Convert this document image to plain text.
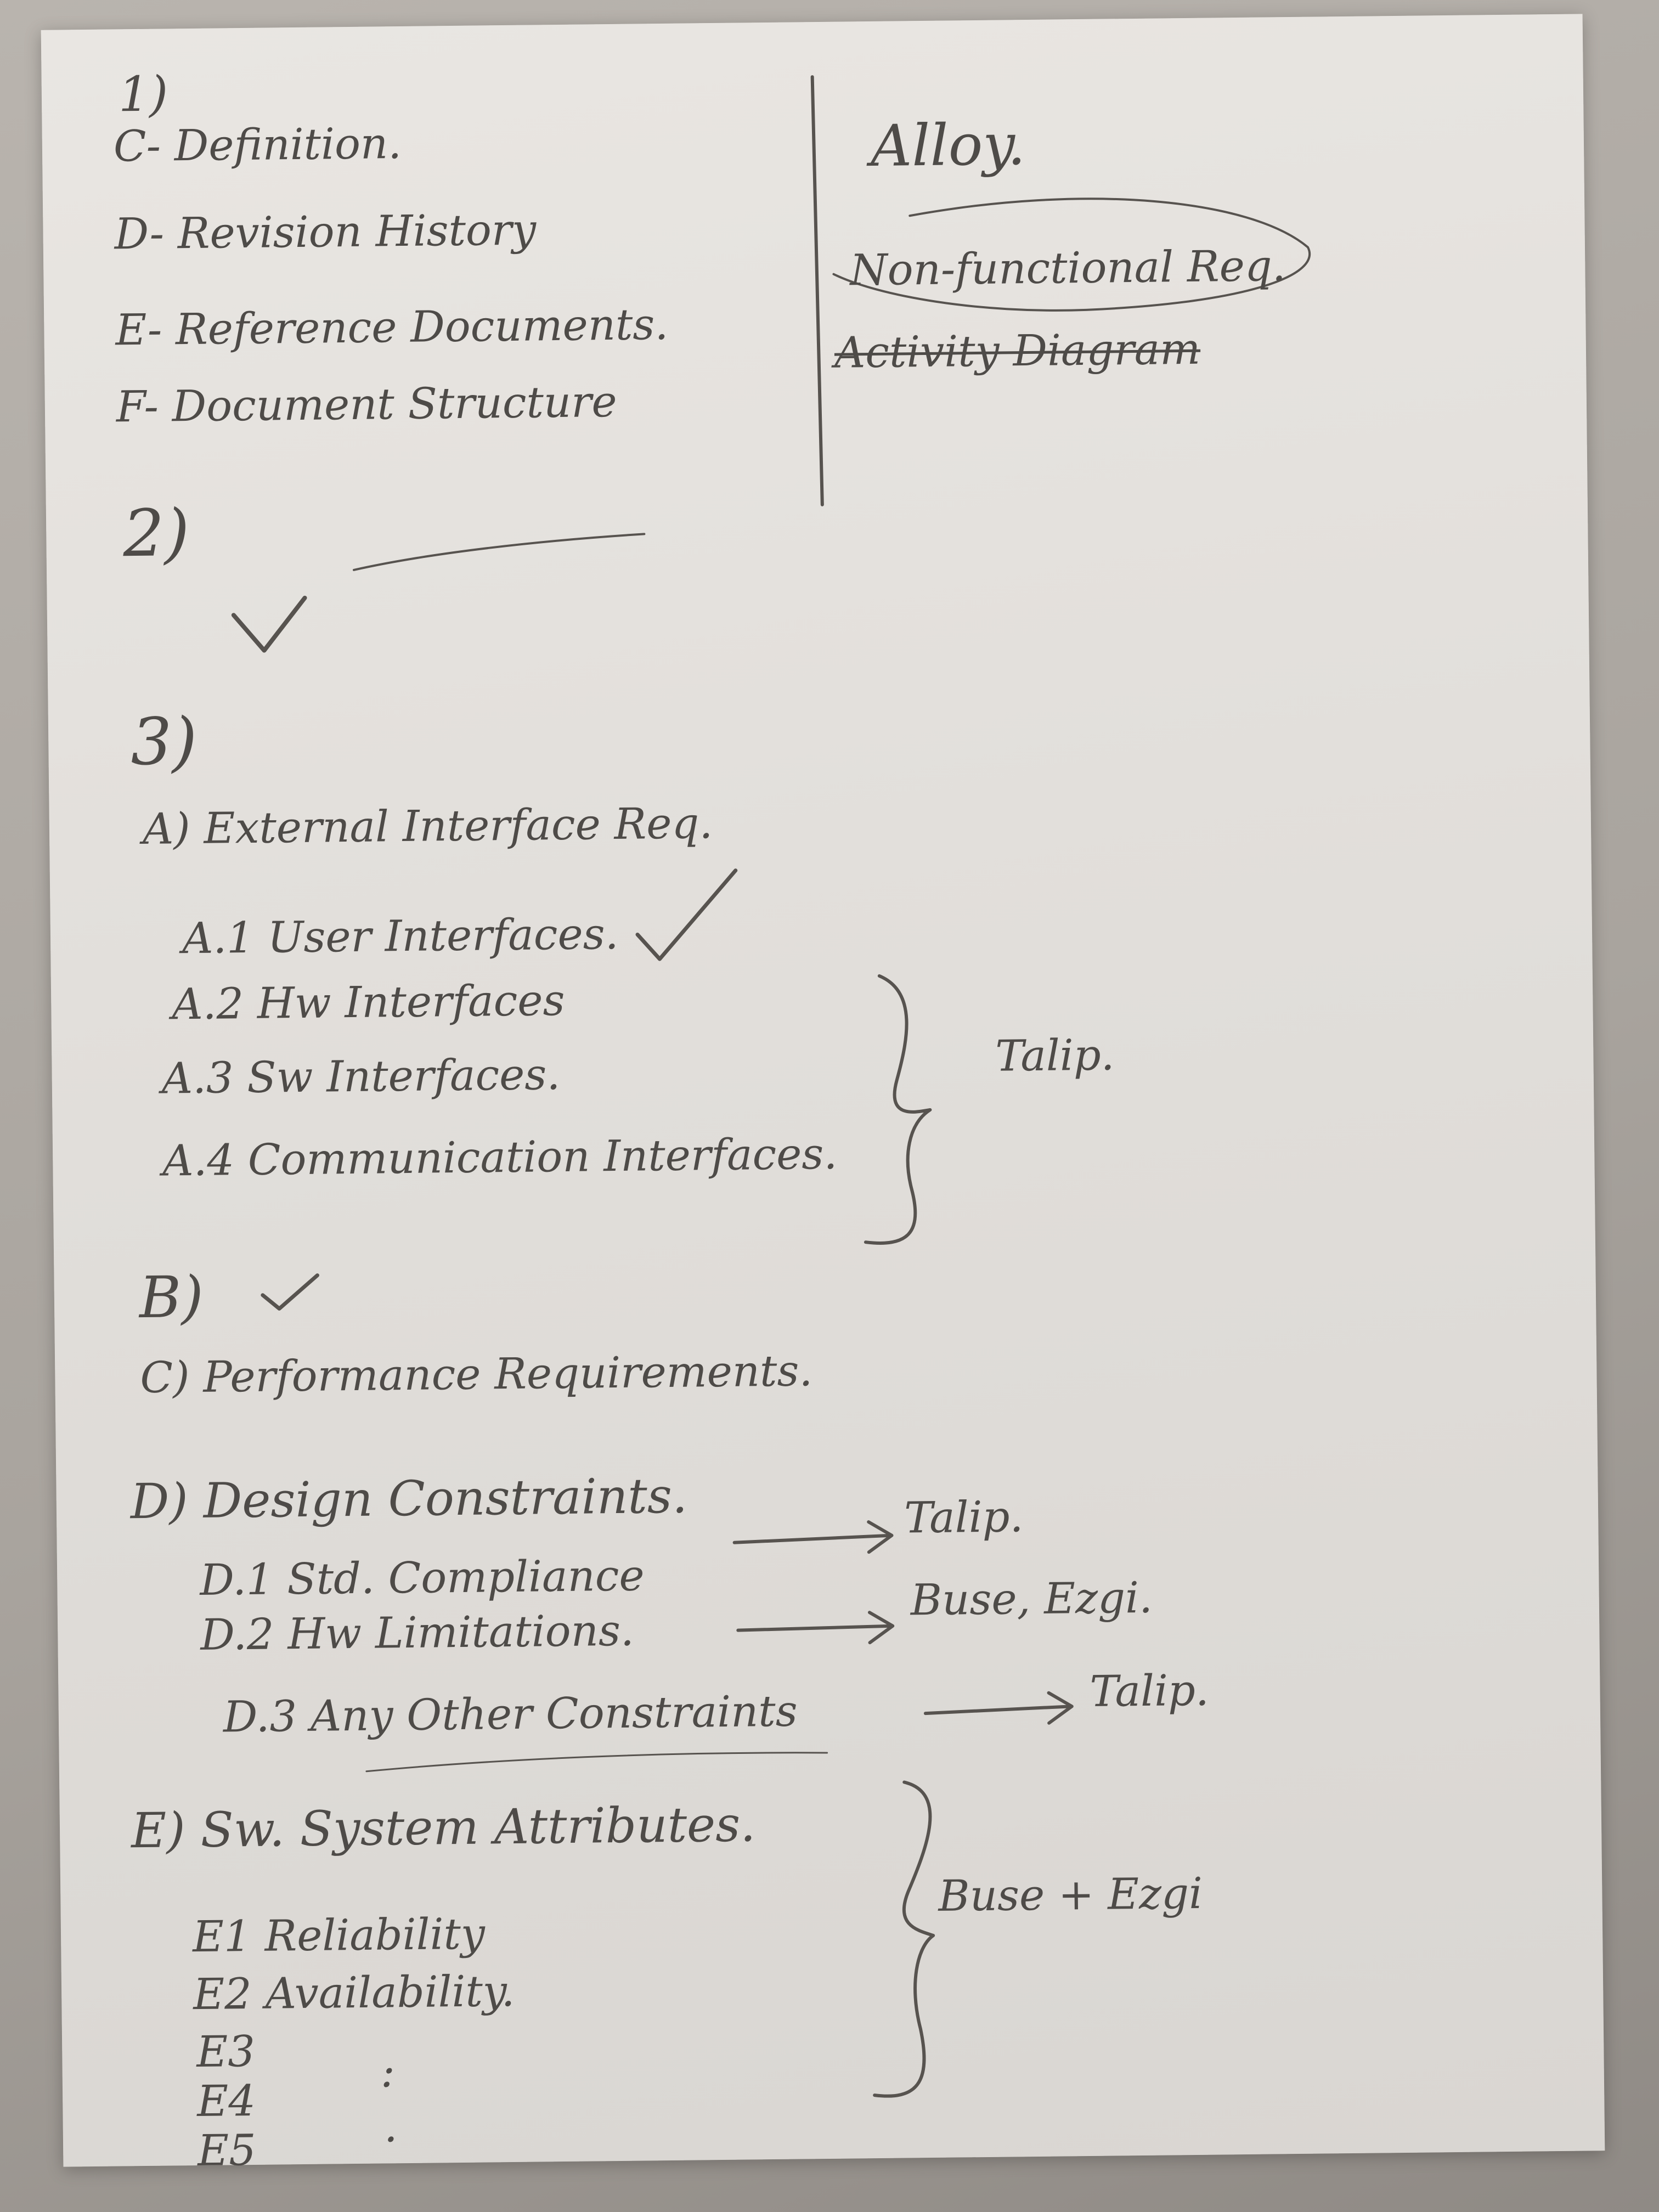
1)
C- Definition.
D- Revision History
E- Reference Documents.
F- Document Structure
Alloy.
Non-functional Req.
Activity Diagram
2)
3)
A) External Interface Req.
A.1 User Interfaces.
A.2 Hw Interfaces
A.3 Sw Interfaces.
A.4 Communication Interfaces.
Talip.
B)
C) Performance Requirements.
D) Design Constraints.	Talip.
D.1 Std. Compliance
D.2 Hw Limitations.
Buse, Ezgi.
D.3 Any Other Constraints	Talip.
E) Sw. System Attributes.
E1 Reliability
E2 Availability.
E3
E4
E5
:
.
Buse + Ezgi
